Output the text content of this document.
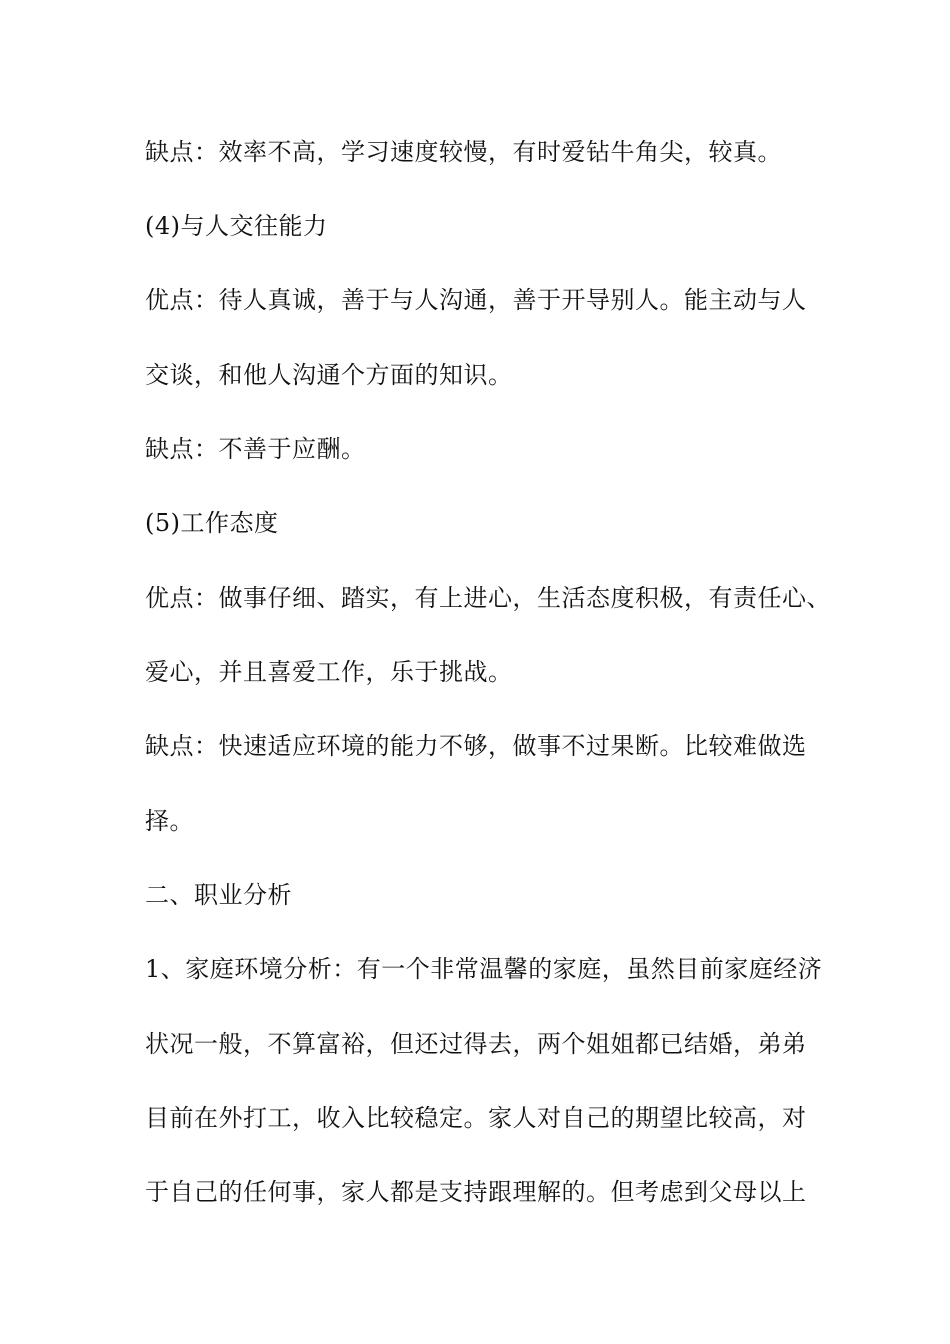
缺点：效率不高，学习速度较慢，有时爱钻牛角尖，较真。
(4)与人交往能力
优点：待人真诚，善于与人沟通，善于开导别人。能主动与人
交谈，和他人沟通个方面的知识。
缺点：不善于应酬。
(5)工作态度
优点：做事仔细、踏实，有上进心，生活态度积极，有责任心、
爱心，并且喜爱工作，乐于挑战。
缺点：快速适应环境的能力不够，做事不过果断。比较难做选
择。
二、职业分析
1、家庭环境分析：有一个非常温馨的家庭，虽然目前家庭经济
状况一般，不算富裕，但还过得去，两个姐姐都已结婚，弟弟
目前在外打工，收入比较稳定。家人对自己的期望比较高，对
于自己的任何事，家人都是支持跟理解的。但考虑到父母以上
